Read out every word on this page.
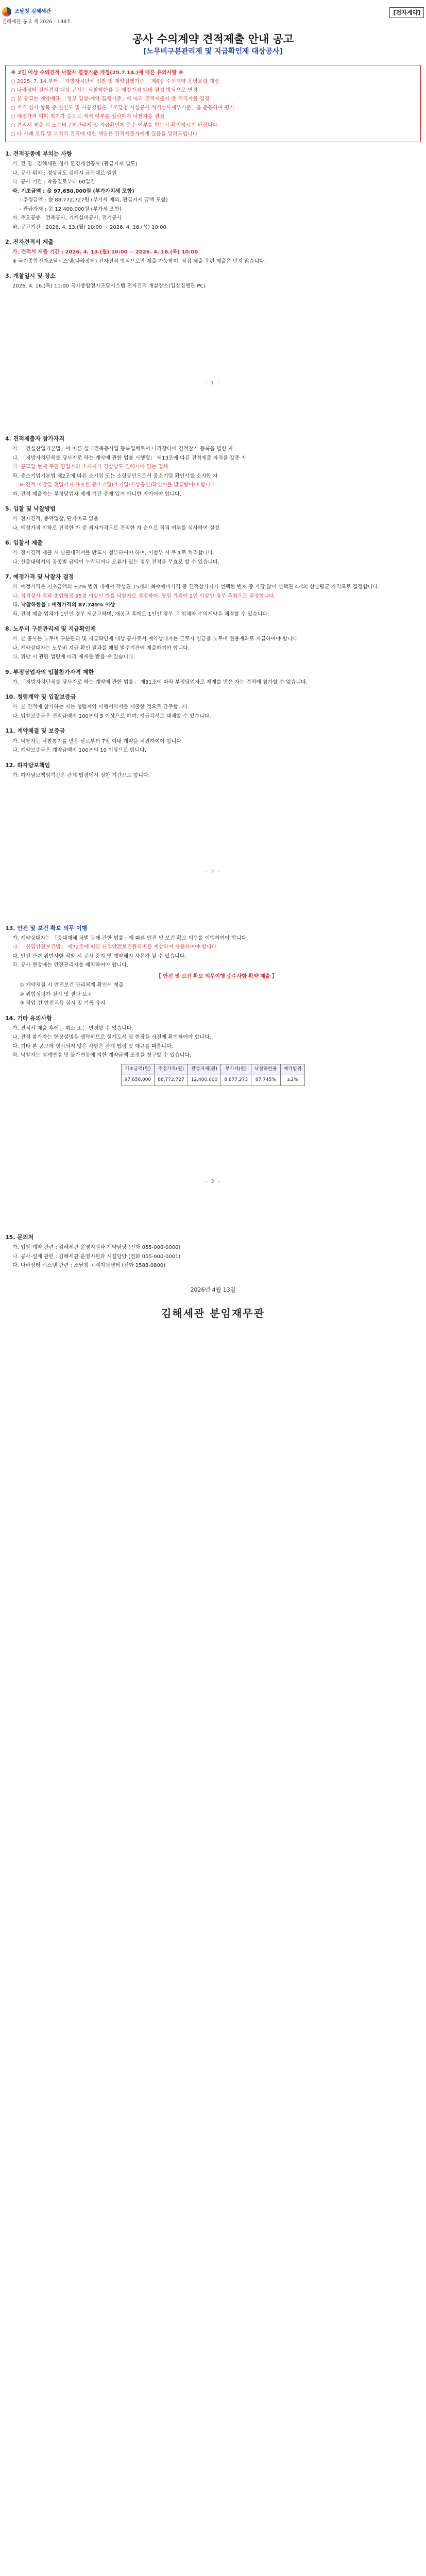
조달청 김해세관
김해세관 공고 제 2026 - 198호
[전자계약]
공사 수의계약 견적제출 안내 공고
[노무비구분관리제 및 지급확인제 대상공사]
※ 2인 이상 수의견적 낙찰자 결정기준 개정(25.7.14.)에 따른 유의사항 ※
○ 2025. 7. 14.부터 「지방자치단체 입찰 및 계약집행기준」 제6장 수의계약 운영요령 개정
○ 나라장터 전자견적 대상 공사는 낙찰하한율 등 예정가격 대비 결정 방식으로 변경
○ 본 공고는 계약예규 「정부 입찰·계약 집행기준」에 따라 견적제출자 중 적격자를 결정
○ 적격 심사 항목 중 신인도 및 시공경험은 「조달청 시설공사 적격심사세부기준」을 준용하여 평가
○ 예정가격 이하 최저가 순으로 적격 여부를 심사하여 낙찰자를 결정
○ 견적서 제출 시 노무비구분관리제 및 지급확인제 준수 여부를 반드시 확인하시기 바랍니다
○ 타 사례 오류 및 부적격 견적에 대한 책임은 견적제출자에게 있음을 알려드립니다
1. 견적공종에 부치는 사항
가. 건 명 : 김해세관 청사 환경개선공사 (관급자재 별도)
나. 공사 위치 : 경상남도 김해시 금관대로 일원
다. 공사 기간 : 착공일로부터 60일간
라. 기초금액 : 金 97,650,000원 (부가가치세 포함)
- 추정금액 : 金 88,772,727원 (부가세 제외, 관급자재 금액 포함)
- 관급자재 : 金 12,400,000원 (부가세 포함)
마. 주요공종 : 건축공사, 기계설비공사, 전기공사
바. 공고기간 : 2026. 4. 13.(월) 10:00 ~ 2026. 4. 16.(목) 10:00
2. 전자견적서 제출
가. 견적서 제출 기간 : 2026. 4. 13.(월) 10:00 ~ 2026. 4. 16.(목) 10:00
※ 국가종합전자조달시스템(나라장터) 전자견적 방식으로만 제출 가능하며, 직접 제출·우편 제출은 받지 않습니다.
3. 개찰일시 및 장소
2026. 4. 16.(목) 11:00 국가종합전자조달시스템 전자견적 개찰장소(입찰집행관 PC)
- 1 -
4. 견적제출자 참가자격
가. 「건설산업기본법」에 따른 실내건축공사업 등록업체로서 나라장터에 견적참가 등록을 필한 자
나. 「지방자치단체를 당사자로 하는 계약에 관한 법률 시행령」 제13조에 따른 견적제출 자격을 갖춘 자
다. 공고일 현재 주된 영업소의 소재지가 경상남도 김해시에 있는 업체
라. 중소기업기본법 제2조에 따른 소기업 또는 소상공인으로서 중소기업 확인서를 소지한 자
※ 견적 마감일 전일까지 유효한 중소기업(소기업·소상공인)확인서를 발급받아야 합니다.
마. 견적 제출자는 부정당업자 제재 기간 중에 있지 아니한 자이어야 합니다.
5. 입찰 및 낙찰방법
가. 전자견적, 총액입찰, 단가비교 없음
나. 예정가격 이하로 견적한 자 중 최저가격으로 견적한 자 순으로 적격 여부를 심사하여 결정
6. 입찰서 제출
가. 전자견적 제출 시 산출내역서를 반드시 첨부하여야 하며, 미첨부 시 무효로 처리합니다.
나. 산출내역서의 공종별 금액이 누락되거나 오류가 있는 경우 견적을 무효로 할 수 있습니다.
7. 예정가격 및 낙찰자 결정
가. 예정가격은 기초금액의 ±2% 범위 내에서 작성된 15개의 복수예비가격 중 견적참가자가 선택한 번호 중 가장 많이 선택된 4개의 산술평균 가격으로 결정합니다.
나. 적격심사 결과 종합평점 95점 이상인 자를 낙찰자로 결정하며, 동일 가격이 2인 이상인 경우 추첨으로 결정합니다.
다. 낙찰하한율 : 예정가격의 87.745% 이상
라. 견적 제출 업체가 1인인 경우 재공고하며, 재공고 후에도 1인인 경우 그 업체와 수의계약을 체결할 수 있습니다.
8. 노무비 구분관리제 및 지급확인제
가. 본 공사는 노무비 구분관리 및 지급확인제 대상 공사로서 계약상대자는 근로자 임금을 노무비 전용계좌로 지급하여야 합니다.
나. 계약상대자는 노무비 지급 확인 결과를 매월 발주기관에 제출하여야 합니다.
다. 위반 시 관련 법령에 따라 제재를 받을 수 있습니다.
9. 부정당업자의 입찰참가자격 제한
가. 「지방자치단체를 당사자로 하는 계약에 관한 법률」 제31조에 따라 부정당업자로 제재를 받은 자는 견적에 참가할 수 없습니다.
10. 청렴계약 및 입찰보증금
가. 본 견적에 참가하는 자는 청렴계약 이행서약서를 제출한 것으로 간주합니다.
나. 입찰보증금은 견적금액의 100분의 5 이상으로 하며, 지급각서로 대체할 수 있습니다.
11. 계약체결 및 보증금
가. 낙찰자는 낙찰통지를 받은 날로부터 7일 이내 계약을 체결하여야 합니다.
나. 계약보증금은 계약금액의 100분의 10 이상으로 합니다.
12. 하자담보책임
가. 하자담보책임기간은 관계 법령에서 정한 기간으로 합니다.
- 2 -
13. 안전 및 보건 확보 의무 이행
가. 계약상대자는 「중대재해 처벌 등에 관한 법률」에 따른 안전 및 보건 확보 의무를 이행하여야 합니다.
나. 「산업안전보건법」 제72조에 따른 산업안전보건관리비를 계상하여 사용하여야 합니다.
다. 안전 관련 위반사항 적발 시 공사 중지 및 계약해지 사유가 될 수 있습니다.
라. 공사 현장에는 안전관리자를 배치하여야 합니다.
【 안전 및 보건 확보 의무이행 준수사항 확약 제출 】
① 계약체결 시 안전보건 관리체계 확인서 제출
② 위험성평가 실시 및 결과 보고
③ 작업 전 안전교육 실시 및 기록 유지
14. 기타 유의사항
가. 견적서 제출 후에는 취소 또는 변경할 수 없습니다.
나. 견적 참가자는 현장설명을 생략하므로 설계도서 및 현장을 사전에 확인하여야 합니다.
다. 기타 본 공고에 명시되지 않은 사항은 관계 법령 및 예규를 따릅니다.
라. 낙찰자는 설계변경 및 물가변동에 의한 계약금액 조정을 청구할 수 있습니다.
기초금액(원)	추정가격(원)	관급자재(원)	부가세(원)	낙찰하한율	예가범위
97,650,000	88,772,727	12,400,000	8,877,273	87.745%	±2%
- 3 -
15. 문의처
가. 입찰·계약 관련 : 김해세관 운영지원과 계약담당 (전화 055-000-0000)
나. 공사·설계 관련 : 김해세관 운영지원과 시설담당 (전화 055-000-0001)
다. 나라장터 시스템 관련 : 조달청 고객지원센터 (전화 1588-0800)
2026년 4월 13일
김해세관 분임재무관
